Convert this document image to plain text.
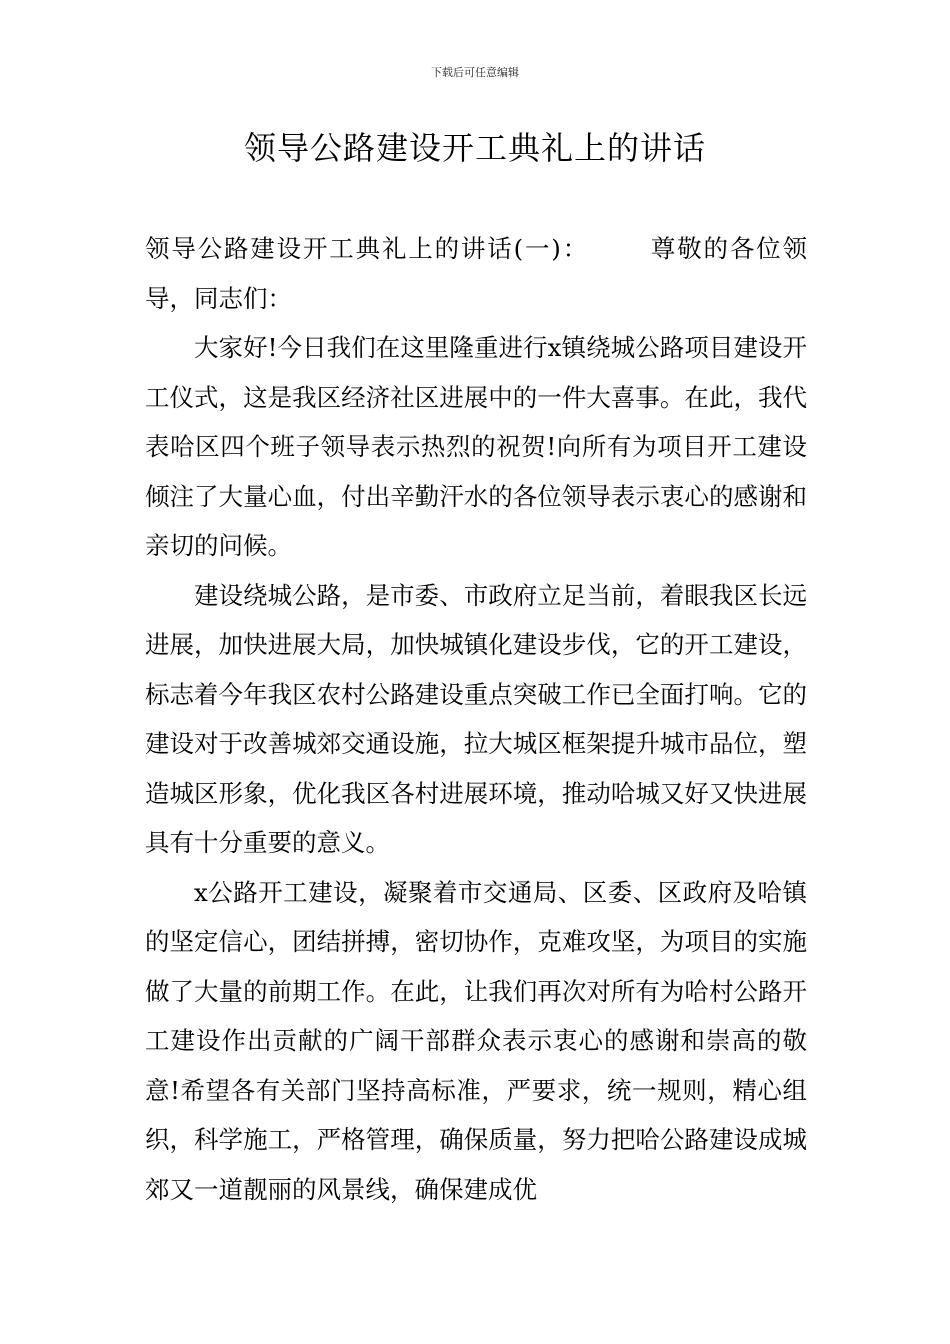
下载后可任意编辑
领导公路建设开工典礼上的讲话

领导公路建设开工典礼上的讲话(一)： 尊敬的各位领导，同志们：

大家好!今日我们在这里隆重进行x镇绕城公路项目建设开工仪式，这是我区经济社区进展中的一件大喜事。在此，我代表哈区四个班子领导表示热烈的祝贺!向所有为项目开工建设倾注了大量心血，付出辛勤汗水的各位领导表示衷心的感谢和亲切的问候。

建设绕城公路，是市委、市政府立足当前，着眼我区长远进展，加快进展大局，加快城镇化建设步伐，它的开工建设，标志着今年我区农村公路建设重点突破工作已全面打响。它的建设对于改善城郊交通设施，拉大城区框架提升城市品位，塑造城区形象，优化我区各村进展环境，推动哈城又好又快进展具有十分重要的意义。

x公路开工建设，凝聚着市交通局、区委、区政府及哈镇的坚定信心，团结拼搏，密切协作，克难攻坚，为项目的实施做了大量的前期工作。在此，让我们再次对所有为哈村公路开工建设作出贡献的广阔干部群众表示衷心的感谢和崇高的敬意!希望各有关部门坚持高标准，严要求，统一规则，精心组织，科学施工，严格管理，确保质量，努力把哈公路建设成城郊又一道靓丽的风景线，确保建成优
